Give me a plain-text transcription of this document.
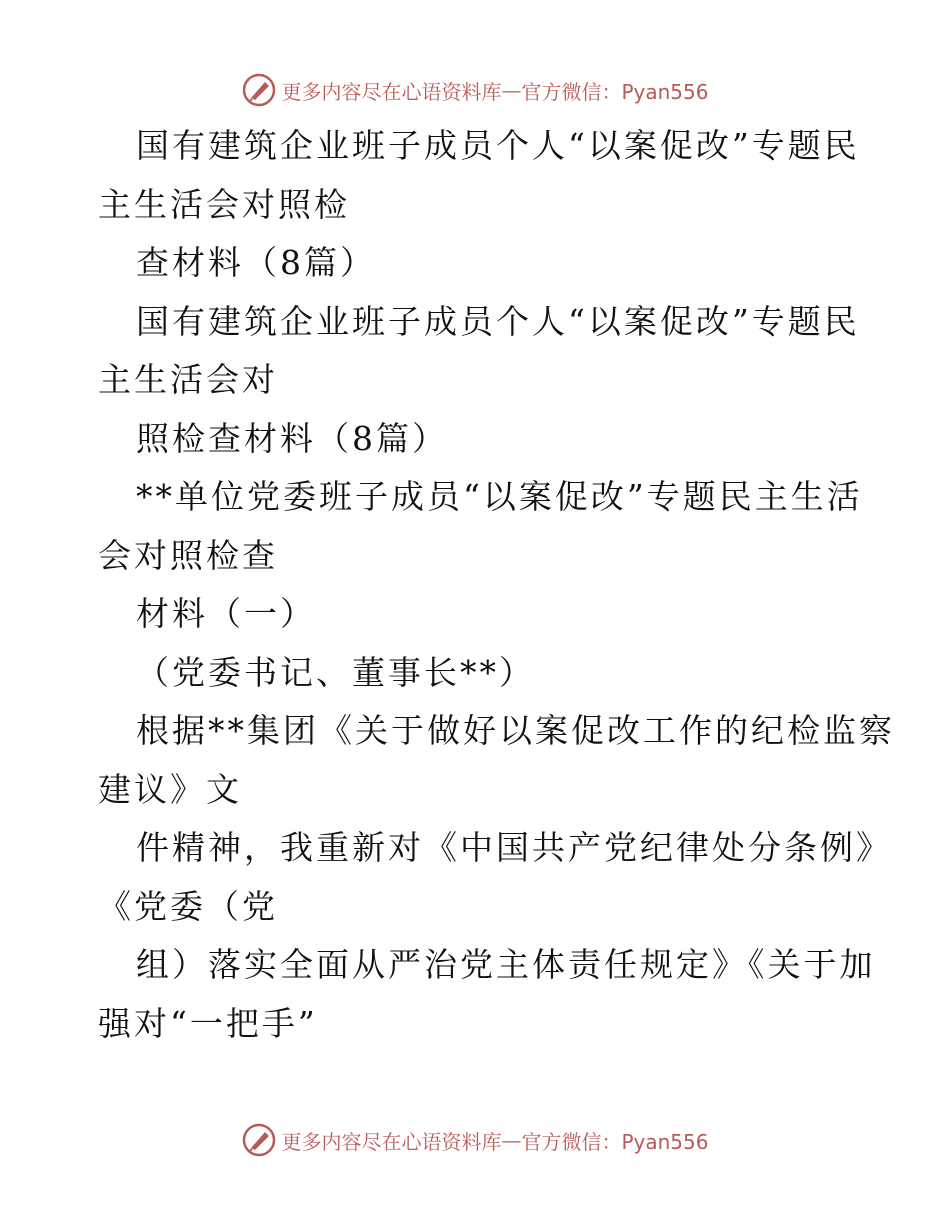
更多内容尽在心语资料库 — 官方微信：Pyan556
国有建筑企业班子成员个人“以案促改”专题民
主生活会对照检
查材料（8篇）
国有建筑企业班子成员个人“以案促改”专题民
主生活会对
照检查材料（8篇）
**单位党委班子成员“以案促改”专题民主生活
会对照检查
材料（一）
（党委书记、董事长**）
根据**集团《关于做好以案促改工作的纪检监察
建议》文
件精神，我重新对《中国共产党纪律处分条例》
《党委（党
组）落实全面从严治党主体责任规定》《关于加
强对“一把手”
更多内容尽在心语资料库 — 官方微信：Pyan556
